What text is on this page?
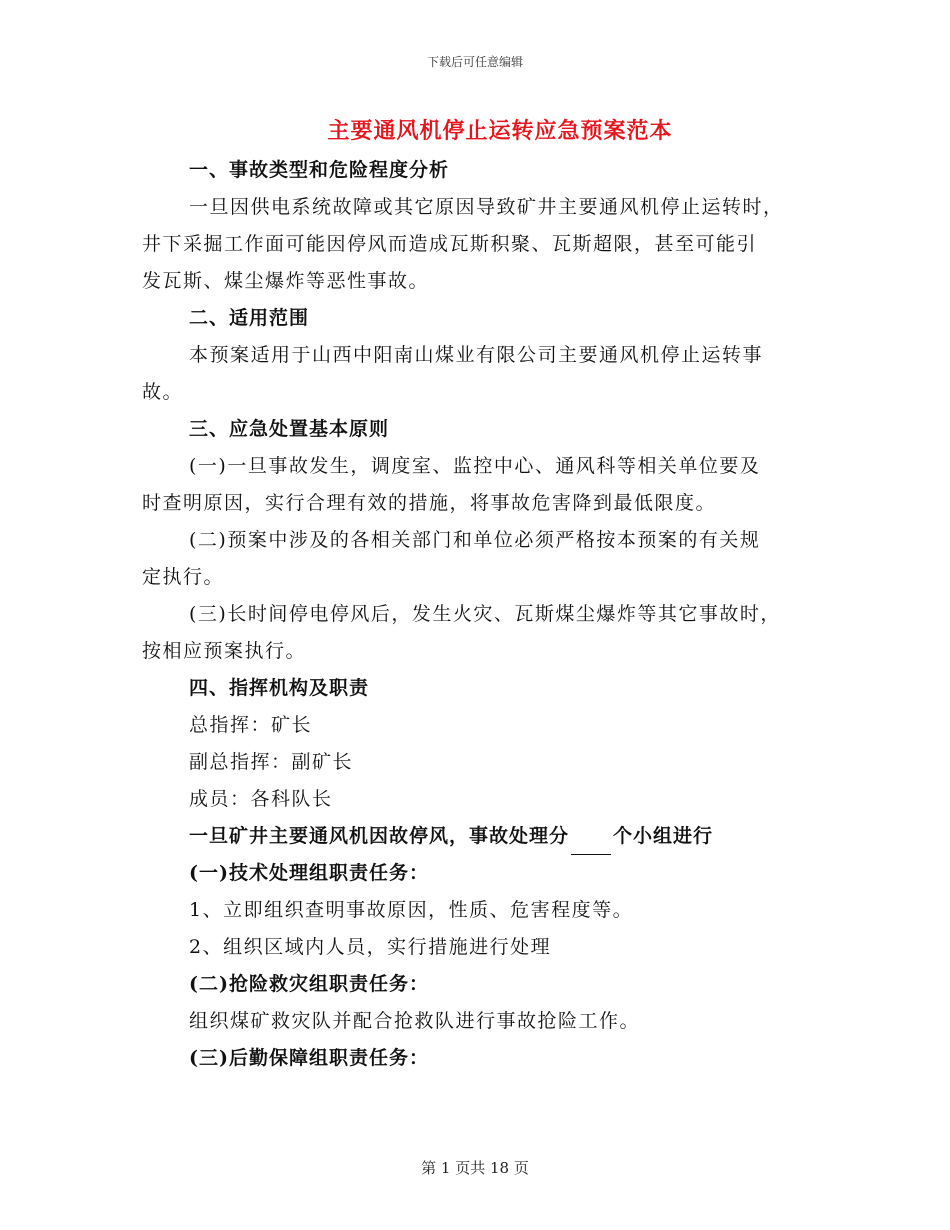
下载后可任意编辑
主要通风机停止运转应急预案范本
一、事故类型和危险程度分析
一旦因供电系统故障或其它原因导致矿井主要通风机停止运转时，
井下采掘工作面可能因停风而造成瓦斯积聚、瓦斯超限，甚至可能引
发瓦斯、煤尘爆炸等恶性事故。
二、适用范围
本预案适用于山西中阳南山煤业有限公司主要通风机停止运转事
故。
三、应急处置基本原则
(一)一旦事故发生，调度室、监控中心、通风科等相关单位要及
时查明原因，实行合理有效的措施，将事故危害降到最低限度。
(二)预案中涉及的各相关部门和单位必须严格按本预案的有关规
定执行。
(三)长时间停电停风后，发生火灾、瓦斯煤尘爆炸等其它事故时，
按相应预案执行。
四、指挥机构及职责
总指挥：矿长
副总指挥：副矿长
成员：各科队长
一旦矿井主要通风机因故停风，事故处理分 个小组进行
(一)技术处理组职责任务：
1、立即组织查明事故原因，性质、危害程度等。
2、组织区域内人员，实行措施进行处理
(二)抢险救灾组职责任务：
组织煤矿救灾队并配合抢救队进行事故抢险工作。
(三)后勤保障组职责任务：
第 1 页共 18 页
